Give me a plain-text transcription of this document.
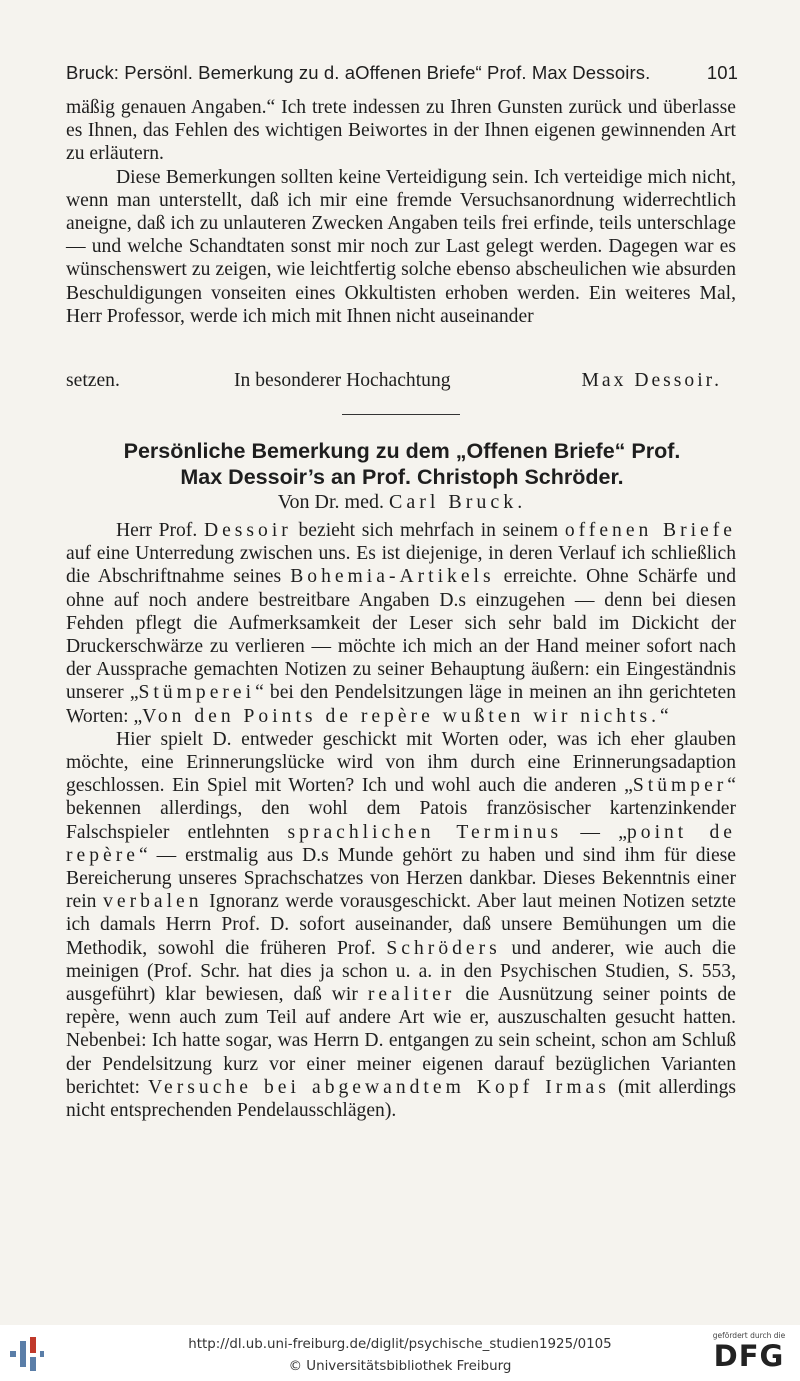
Bruck: Persönl. Bemerkung zu d. aOffenen Briefe“ Prof. Max Dessoirs.	101

mäßig genauen Angaben.“ Ich trete indessen zu Ihren Gunsten zurück und überlasse es Ihnen, das Fehlen des wichtigen Beiwortes in der Ihnen eigenen gewinnenden Art zu erläutern.

Diese Bemerkungen sollten keine Verteidigung sein. Ich verteidige mich nicht, wenn man unterstellt, daß ich mir eine fremde Versuchsanordnung widerrechtlich aneigne, daß ich zu unlauteren Zwecken Angaben teils frei erfinde, teils unterschlage — und welche Schandtaten sonst mir noch zur Last gelegt werden. Dagegen war es wünschenswert zu zeigen, wie leichtfertig solche ebenso abscheulichen wie absurden Beschuldigungen vonseiten eines Okkultisten erhoben werden. Ein weiteres Mal, Herr Professor, werde ich mich mit Ihnen nicht auseinander

setzen.	In besonderer Hochachtung	Max Dessoir.
Persönliche Bemerkung zu dem „Offenen Briefe“ Prof.
Max Dessoir’s an Prof. Christoph Schröder.
Von Dr. med. Carl Bruck.

Herr Prof. Dessoir bezieht sich mehrfach in seinem offenen Briefe auf eine Unterredung zwischen uns. Es ist diejenige, in deren Verlauf ich schließlich die Abschriftnahme seines Bohemia-Artikels erreichte. Ohne Schärfe und ohne auf noch andere bestreitbare Angaben D.s einzugehen — denn bei diesen Fehden pflegt die Aufmerksamkeit der Leser sich sehr bald im Dickicht der Druckerschwärze zu verlieren — möchte ich mich an der Hand meiner sofort nach der Aussprache gemachten Notizen zu seiner Behauptung äußern: ein Eingeständnis unserer „Stümperei“ bei den Pendelsitzungen läge in meinen an ihn gerichteten Worten: „Von den Points de repère wußten wir nichts.“

Hier spielt D. entweder geschickt mit Worten oder, was ich eher glauben möchte, eine Erinnerungslücke wird von ihm durch eine Erinnerungsadaption geschlossen. Ein Spiel mit Worten? Ich und wohl auch die anderen „Stümper“ bekennen allerdings, den wohl dem Patois französischer kartenzinkender Falschspieler entlehnten sprachlichen Terminus — „point de repère“ — erstmalig aus D.s Munde gehört zu haben und sind ihm für diese Bereicherung unseres Sprachschatzes von Herzen dankbar. Dieses Bekenntnis einer rein verbalen Ignoranz werde vorausgeschickt. Aber laut meinen Notizen setzte ich damals Herrn Prof. D. sofort auseinander, daß unsere Bemühungen um die Methodik, sowohl die früheren Prof. Schröders und anderer, wie auch die meinigen (Prof. Schr. hat dies ja schon u. a. in den Psychischen Studien, S. 553, ausgeführt) klar bewiesen, daß wir realiter die Ausnützung seiner points de repère, wenn auch zum Teil auf andere Art wie er, auszuschalten gesucht hatten. Nebenbei: Ich hatte sogar, was Herrn D. entgangen zu sein scheint, schon am Schluß der Pendelsitzung kurz vor einer meiner eigenen darauf bezüglichen Varianten berichtet: Versuche bei abgewandtem Kopf Irmas (mit allerdings nicht entsprechenden Pendelausschlägen).

http://dl.ub.uni-freiburg.de/diglit/psychische_studien1925/0105
© Universitätsbibliothek Freiburg
gefördert durch die
DFG
